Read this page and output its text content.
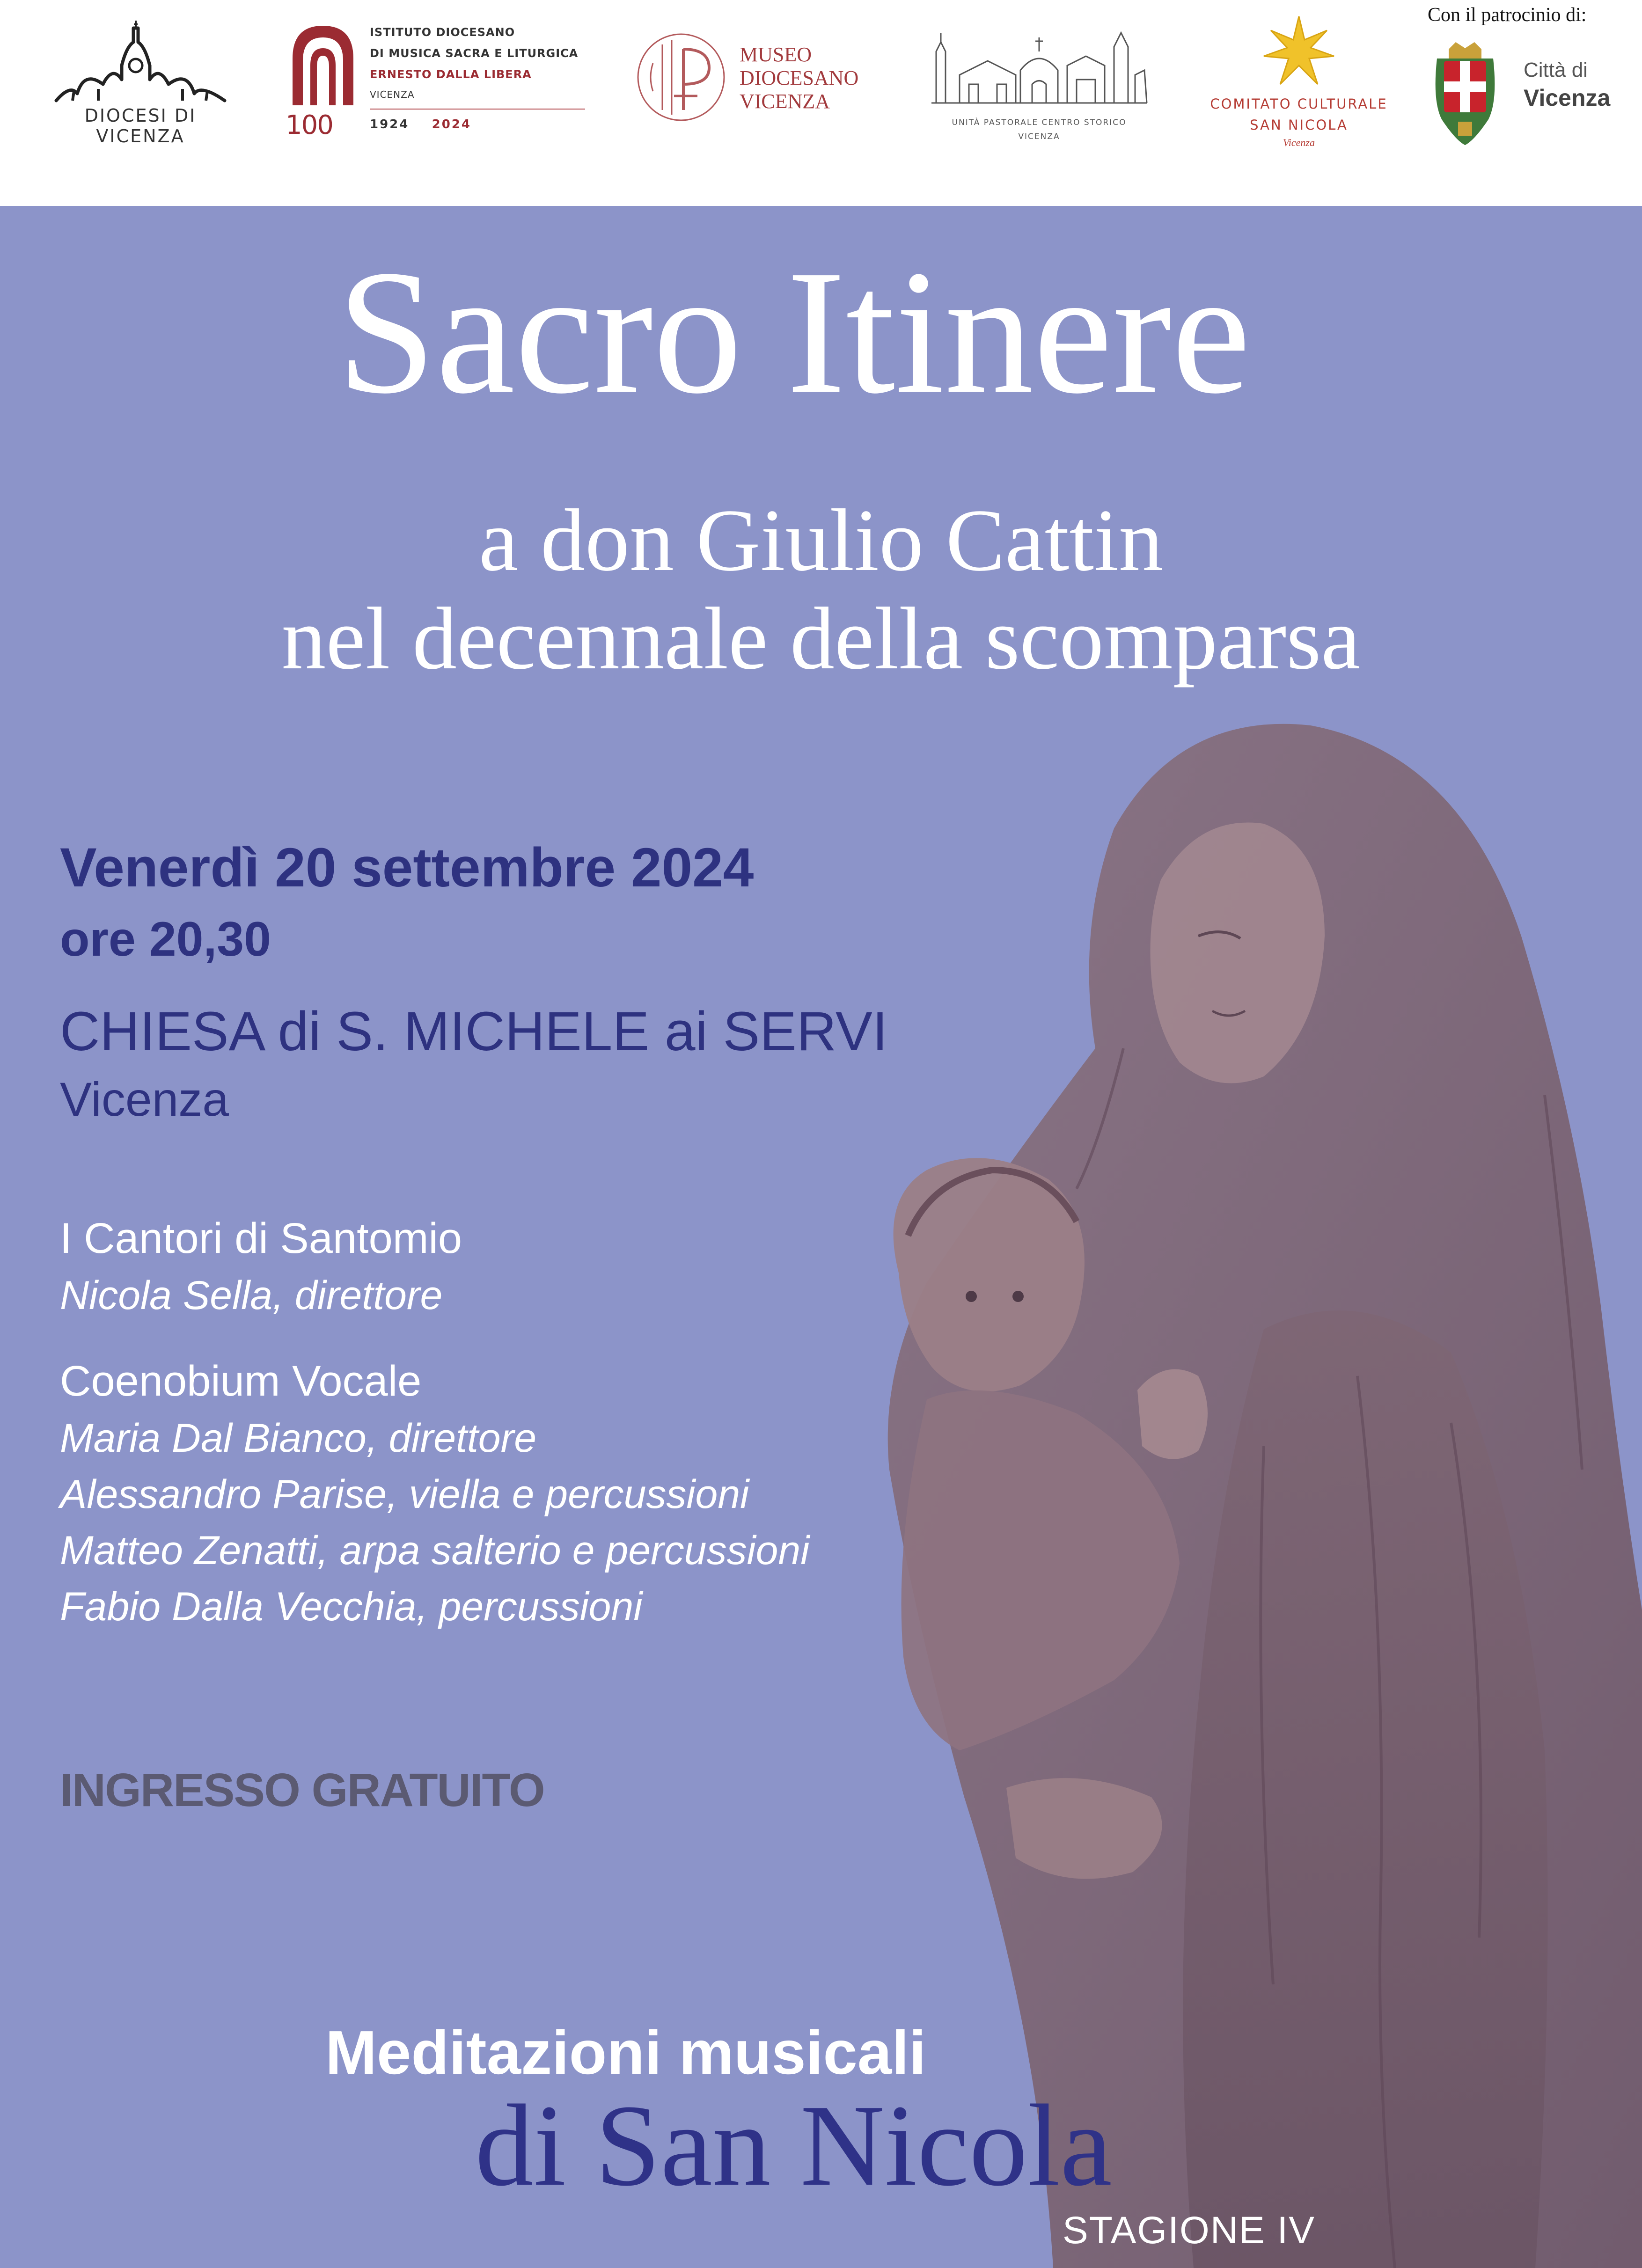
DIOCESI DI VICENZA	100
ISTITUTO DIOCESANO
DI MUSICA SACRA E LITURGICA
ERNESTO DALLA LIBERA
VICENZA
1924 2024
MUSEO
DIOCESANO
VICENZA
UNITÀ PASTORALE CENTRO STORICO
VICENZA
COMITATO CULTURALE
SAN NICOLA
Vicenza
Con il patrocinio di:
Città di
Vicenza
Sacro Itinere
a don Giulio Cattin
nel decennale della scomparsa
Venerdì 20 settembre 2024
ore 20,30
CHIESA di S. MICHELE ai SERVI
Vicenza
I Cantori di Santomio
Nicola Sella, direttore
Coenobium Vocale
Maria Dal Bianco, direttore
Alessandro Parise, viella e percussioni
Matteo Zenatti, arpa salterio e percussioni
Fabio Dalla Vecchia, percussioni
INGRESSO GRATUITO
Meditazioni musicali
di San Nicola
STAGIONE IV
